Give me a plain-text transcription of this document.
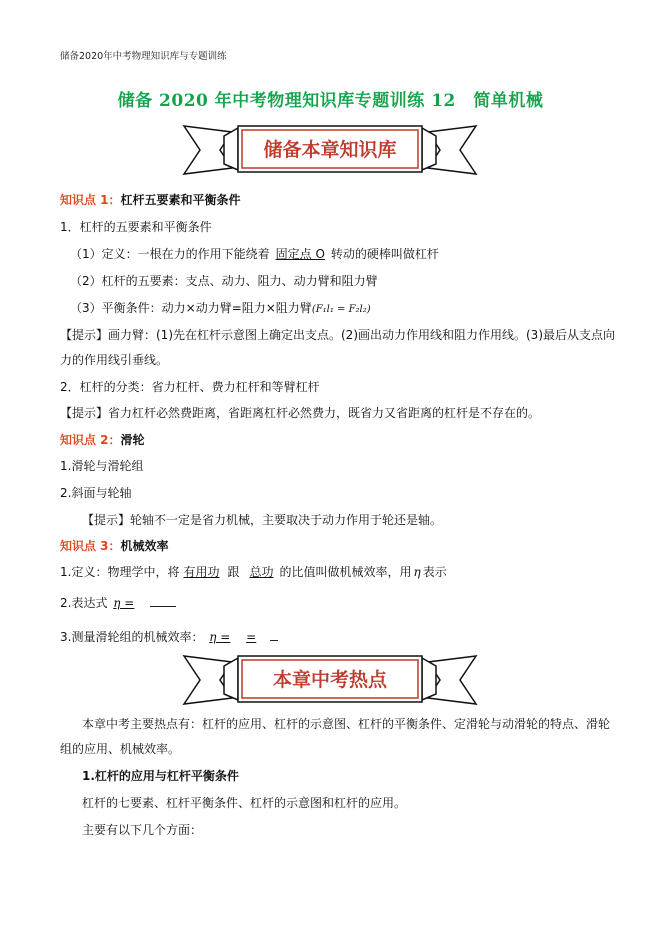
储备2020年中考物理知识库与专题训练
储备 2020 年中考物理知识库专题训练 12　简单机械
储备本章知识库
知识点 1：杠杆五要素和平衡条件
1．杠杆的五要素和平衡条件
（1）定义：一根在力的作用下能绕着 固定点 O 转动的硬棒叫做杠杆
（2）杠杆的五要素：支点、动力、阻力、动力臂和阻力臂
（3）平衡条件：动力×动力臂=阻力×阻力臂(F₁l₁ = F₂l₂)
【提示】画力臂：(1)先在杠杆示意图上确定出支点。(2)画出动力作用线和阻力作用线。(3)最后从支点向
力的作用线引垂线。
2．杠杆的分类：省力杠杆、费力杠杆和等臂杠杆
【提示】省力杠杆必然费距离，省距离杠杆必然费力，既省力又省距离的杠杆是不存在的。
知识点 2：滑轮
1.滑轮与滑轮组
2.斜面与轮轴
【提示】轮轴不一定是省力机械，主要取决于动力作用于轮还是轴。
知识点 3：机械效率
1.定义：物理学中，将 有用功 跟 总功 的比值叫做机械效率，用 η 表示
2.表达式 η =
3.测量滑轮组的机械效率： η = =
本章中考热点
本章中考主要热点有：杠杆的应用、杠杆的示意图、杠杆的平衡条件、定滑轮与动滑轮的特点、滑轮
组的应用、机械效率。
1.杠杆的应用与杠杆平衡条件
杠杆的七要素、杠杆平衡条件、杠杆的示意图和杠杆的应用。
主要有以下几个方面：
